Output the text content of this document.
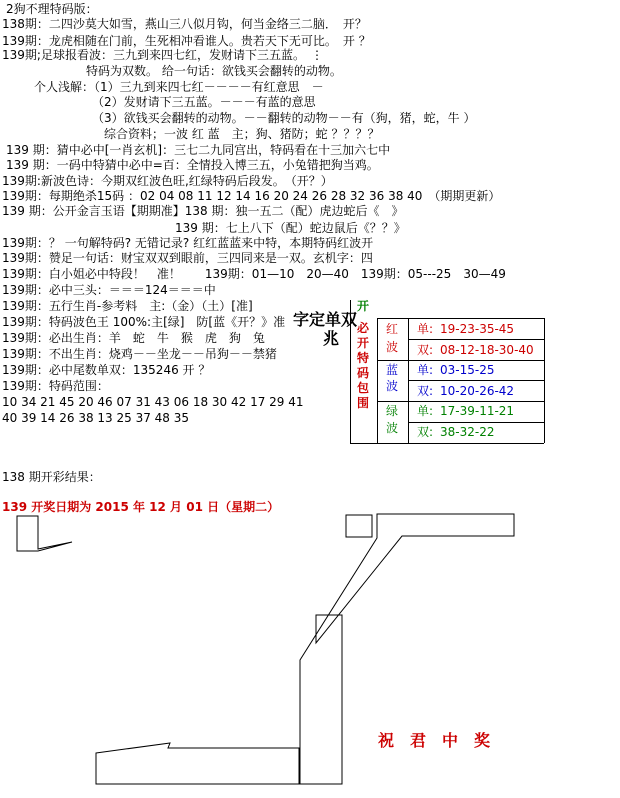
2狗不理特码版：
138期：二四沙莫大如雪，燕山三八似月钩，何当金络三二脑．　开？
139期：龙虎相随在门前，生死相冲看谁人。贵若天下无可比。　开 ？
139期;足球报看波：三九到来四七红，发财请下三五蓝。　⋮
特码为双数。 给一句话：欲钱买会翻转的动物。
个人浅解：（1）三九到来四七红－－－－有红意思　－
（2）发财请下三五蓝。－－－有蓝的意思
（3）欲钱买会翻转的动物。－－翻转的动物－－有（狗，猪，蛇，牛 ）
综合资料；一波 红 蓝　主；狗、猪防；蛇 ？？？？
139 期：猜中必中[一肖玄机]：三七二九同宫出，特码看在十三加六七中
139 期：一码中特猜中必中=百：全情投入博三五，小兔错把狗当鸡。
139期:新波色诗：今期双红波色旺,红绿特码后段发。　（开？）
139期：每期绝杀15码 ：02 04 08 11 12 14 16 20 24 26 28 32 36 38 40　（期期更新）
139 期：公开金言玉语【期期准】138 期：独一五二（配）虎边蛇后《　》
139 期：七上八下（配）蛇边鼠后《？？》
139期：？ 一句解特码? 无错记录? 红红蓝蓝来中特，本期特码红波开
139期：赞足一句话：财宝双双到眼前，三四同来是一双。玄机字：四
139期：白小姐必中特段！　准！　　139期：01—10　20—40　139期：05---25　30—49
139期：必中三头：＝＝＝124＝＝＝中
139期：五行生肖-参考料　主:（金）（土）[准]
139期：特码波色王 100%:主[绿]　防[蓝《开？》准
139期：必出生肖：羊　蛇　牛　猴　虎　狗　兔
139期：不出生肖：烧鸡－－坐龙－－吊狗－－禁猪
139期：必中尾数单双：135246 开 ？
139期：特码范围：
10 34 21 45 20 46 07 31 43 06 18 30 42 17 29 41
40 39 14 26 38 13 25 37 48 35
138 期开彩结果：
139 开奖日期为 2015 年 12 月 01 日（星期二）
字定单双
兆
开
必开特码包围
红
波
蓝
波
绿
波
单: 19-23-35-45
双: 08-12-18-30-40
单: 03-15-25
双: 10-20-26-42
单: 17-39-11-21
双: 38-32-22
祝　君　中　奖
